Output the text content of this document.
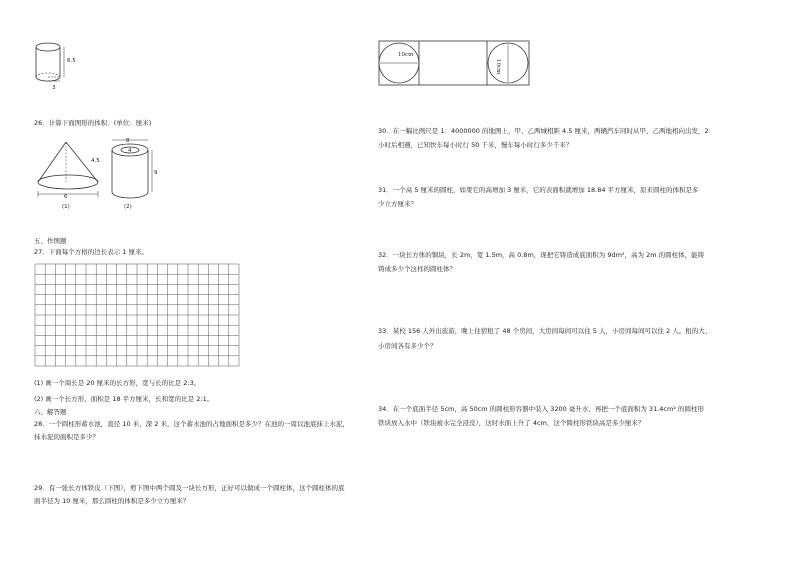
6.5
3
26．计算下面图形的体积．(单位：厘米)
4.5
6
(1)
8
4
9
(2)
五、作图题
27．下面每个方格的边长表示 1 厘米。
(1) 画一个周长是 20 厘米的长方形，宽与长的比是 2:3。
(2) 画一个长方形，面积是 18 平方厘米，长和宽的比是 2:1。
六、解答题
28．一个圆柱形蓄水池，直径 10 米，深 2 米，这个蓄水池的占地面积是多少？在池的一周以池底抹上水泥，
抹水泥的面积是多少？
29．有一张长方体铁皮（下图），剪下图中两个圆及一块长方形，正好可以做成一个圆柱体，这个圆柱体的底
面半径为 10 厘米，那么圆柱的体积是多少立方厘米？
10cm
10cm
30．在一幅比例尺是 1：4000000 的地图上，甲、乙两城相距 4.5 厘米，两辆汽车同时从甲、乙两地相向出发，2
小时后相遇，已知快车每小时行 50 千米，慢车每小时行多少千米？
31．一个高 5 厘米的圆柱，如果它的高增加 3 厘米，它的表面积就增加 18.84 平方厘米，原来圆柱的体积是多
少立方厘米？
32．一块长方体的铜块，长 2m，宽 1.5m，高 0.8m，现把它铸造成底面积为 9dm²，高为 2m 的圆柱体，能铸
铸成多少个这样的圆柱体？
33．某校 156 人外出旅游，晚上住宿租了 48 个房间，大房间每间可以住 5 人，小房间每间可以住 2 人。租的大、
小房间各有多少个？
34．在一个底面半径 5cm，高 50cm 的圆柱形容器中装入 3200 毫升水，再把一个底面积为 31.4cm² 的圆柱形
铁块放入水中（铁块被水完全浸没），这时水面上升了 4cm，这个圆柱形铁块高是多少厘米？
